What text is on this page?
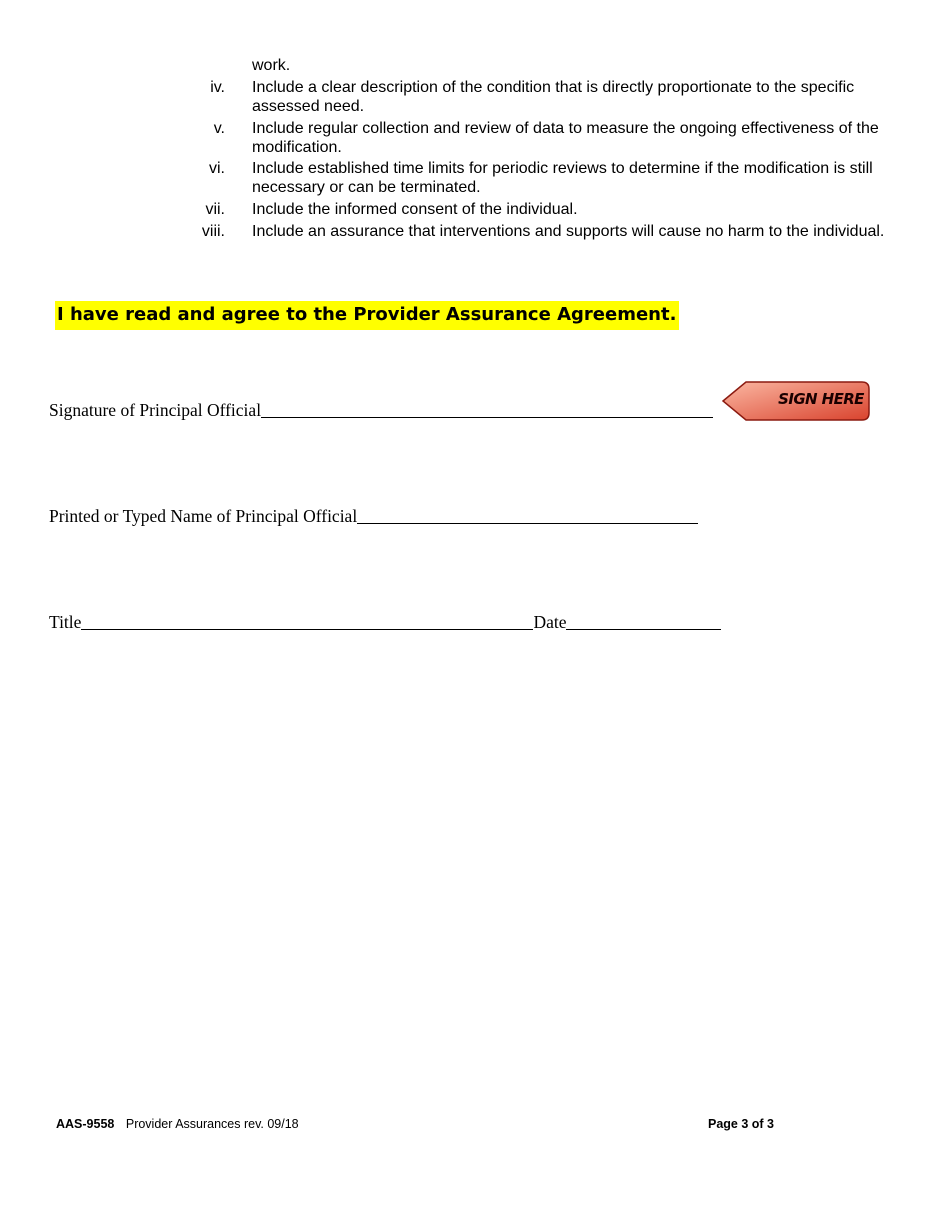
work.
iv. Include a clear description of the condition that is directly proportionate to the specific assessed need.
v. Include regular collection and review of data to measure the ongoing effectiveness of the modification.
vi. Include established time limits for periodic reviews to determine if the modification is still necessary or can be terminated.
vii. Include the informed consent of the individual.
viii. Include an assurance that interventions and supports will cause no harm to the individual.
I have read and agree to the Provider Assurance Agreement.
Signature of Principal Official
SIGN HERE
Printed or Typed Name of Principal Official
Title	Date
AAS-9558 Provider Assurances rev. 09/18	Page 3 of 3
